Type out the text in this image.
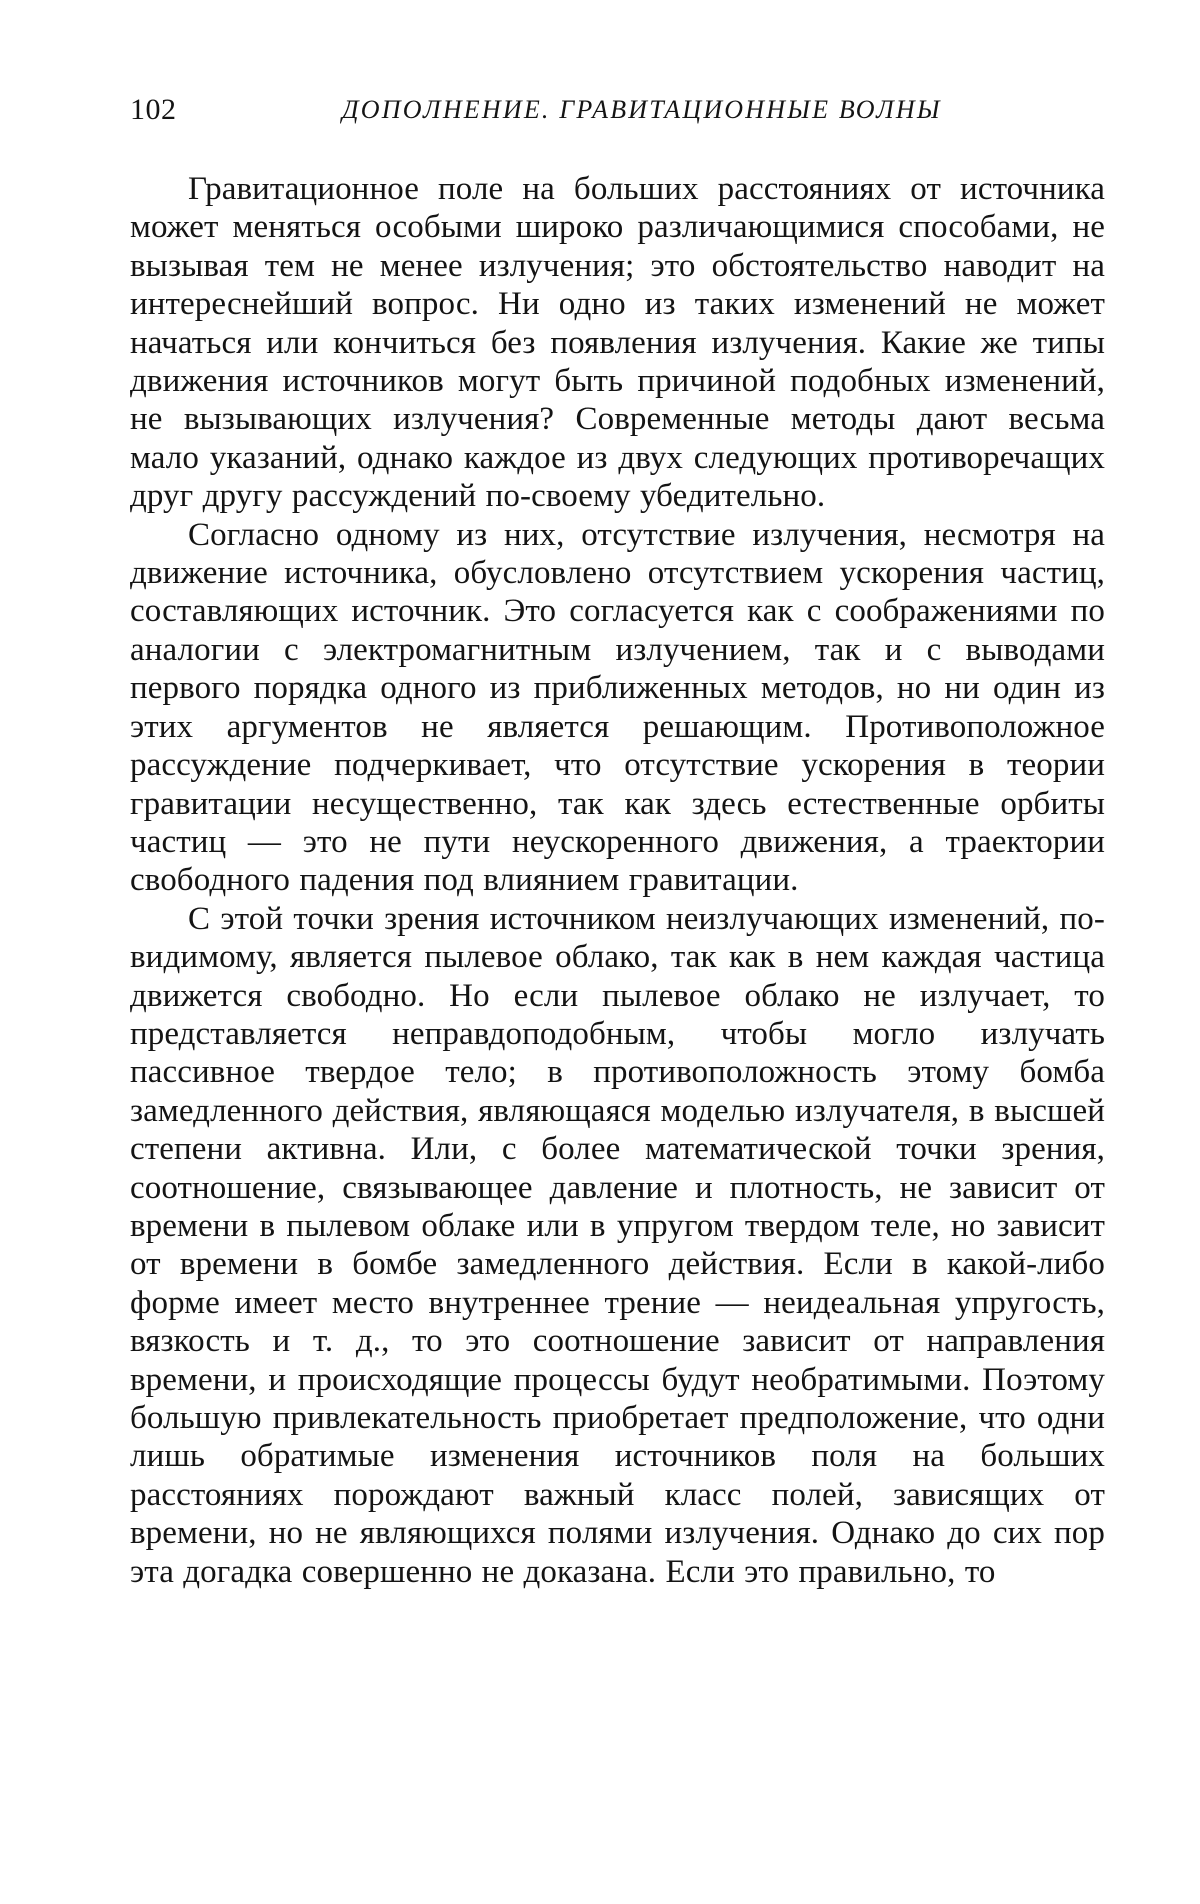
102	ДОПОЛНЕНИЕ. ГРАВИТАЦИОННЫЕ ВОЛНЫ

Гравитационное поле на больших расстояниях от источника может меняться особыми широко различающимися способами, не вызывая тем не менее излучения; это обстоятельство наводит на интереснейший вопрос. Ни одно из таких изменений не может начаться или кончиться без появления излучения. Какие же типы движения источников могут быть причиной подобных изменений, не вызывающих излучения? Современные методы дают весьма мало указаний, однако каждое из двух следующих противоречащих друг другу рассуждений по-своему убедительно.

Согласно одному из них, отсутствие излучения, несмотря на движение источника, обусловлено отсутствием ускорения частиц, составляющих источник. Это согласуется как с соображениями по аналогии с электромагнитным излучением, так и с выводами первого порядка одного из приближенных методов, но ни один из этих аргументов не является решающим. Противоположное рассуждение подчеркивает, что отсутствие ускорения в теории гравитации несущественно, так как здесь естественные орбиты частиц — это не пути неускоренного движения, а траектории свободного падения под влиянием гравитации.

С этой точки зрения источником неизлучающих изменений, по-видимому, является пылевое облако, так как в нем каждая частица движется свободно. Но если пылевое облако не излучает, то представляется неправдоподобным, чтобы могло излучать пассивное твердое тело; в противоположность этому бомба замедленного действия, являющаяся моделью излучателя, в высшей степени активна. Или, с более математической точки зрения, соотношение, связывающее давление и плотность, не зависит от времени в пылевом облаке или в упругом твердом теле, но зависит от времени в бомбе замедленного действия. Если в какой-либо форме имеет место внутреннее трение — неидеальная упругость, вязкость и т. д., то это соотношение зависит от направления времени, и происходящие процессы будут необратимыми. Поэтому большую привлекательность приобретает предположение, что одни лишь обратимые изменения источников поля на больших расстояниях порождают важный класс полей, зависящих от времени, но не являющихся полями излучения. Однако до сих пор эта догадка совершенно не доказана. Если это правильно, то
